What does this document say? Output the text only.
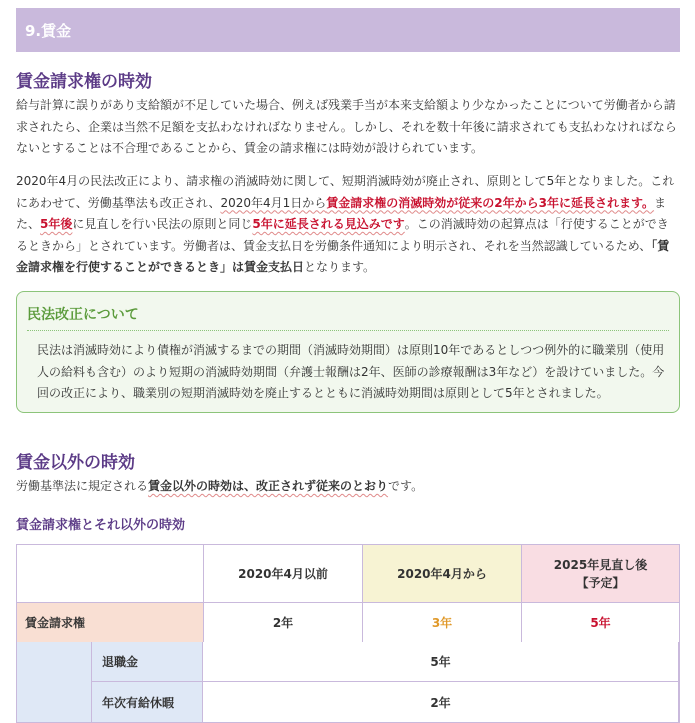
9.賃金
賃金請求権の時効

給与計算に誤りがあり支給額が不足していた場合、例えば残業手当が本来支給額より少なかったことについて労働者から請求されたら、企業は当然不足額を支払わなければなりません。しかし、それを数十年後に請求されても支払わなければならないとすることは不合理であることから、賃金の請求権には時効が設けられています。

2020年4月の民法改正により、請求権の消滅時効に関して、短期消滅時効が廃止され、原則として5年となりました。これにあわせて、労働基準法も改正され、2020年4月1日から賃金請求権の消滅時効が従来の2年から3年に延長されます。また、5年後に見直しを行い民法の原則と同じ5年に延長される見込みです。この消滅時効の起算点は「行使することができるときから」とされています。労働者は、賃金支払日を労働条件通知により明示され、それを当然認識しているため、「賃金請求権を行使することができるとき」は賃金支払日となります。

民法改正について

民法は消滅時効により債権が消滅するまでの期間（消滅時効期間）は原則10年であるとしつつ例外的に職業別（使用人の給料も含む）のより短期の消滅時効期間（弁護士報酬は2年、医師の診療報酬は3年など）を設けていました。今回の改正により、職業別の短期消滅時効を廃止するとともに消滅時効期間は原則として5年とされました。

賃金以外の時効

労働基準法に規定される賃金以外の時効は、改正されず従来のとおりです。

賃金請求権とそれ以外の時効
	2020年4月以前	2020年4月から	2025年見直し後
【予定】

賃金請求権	2年	3年	5年

退職金	5年
年次有給休暇	2年
